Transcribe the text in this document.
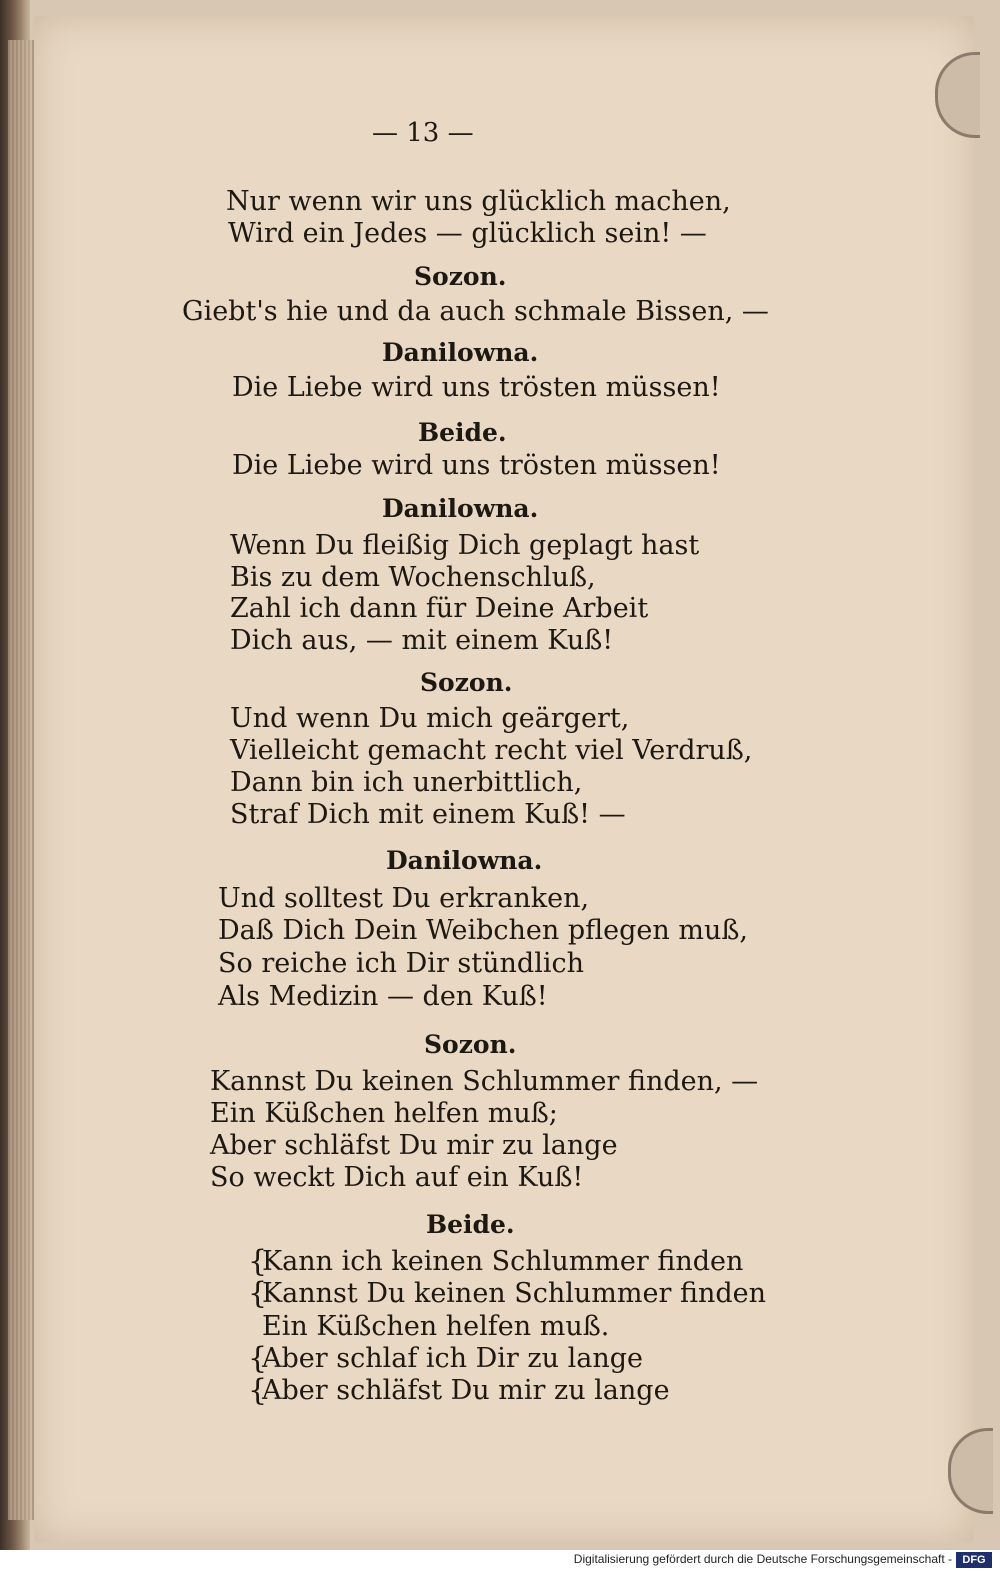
— 13 —
Nur wenn wir uns glücklich machen,
Wird ein Jedes — glücklich sein! —
Sozon.
Giebt's hie und da auch schmale Bissen, —
Danilowna.
Die Liebe wird uns trösten müssen!
Beide.
Die Liebe wird uns trösten müssen!
Danilowna.
Wenn Du fleißig Dich geplagt hast
Bis zu dem Wochenschluß,
Zahl ich dann für Deine Arbeit
Dich aus, — mit einem Kuß!
Sozon.
Und wenn Du mich geärgert,
Vielleicht gemacht recht viel Verdruß,
Dann bin ich unerbittlich,
Straf Dich mit einem Kuß! —
Danilowna.
Und solltest Du erkranken,
Daß Dich Dein Weibchen pflegen muß,
So reiche ich Dir stündlich
Als Medizin — den Kuß!
Sozon.
Kannst Du keinen Schlummer finden, —
Ein Küßchen helfen muß;
Aber schläfst Du mir zu lange
So weckt Dich auf ein Kuß!
Beide.
{
Kann ich keinen Schlummer finden
{
Kannst Du keinen Schlummer finden
Ein Küßchen helfen muß.
{
Aber schlaf ich Dir zu lange
{
Aber schläfst Du mir zu lange
Digitalisierung gefördert durch die Deutsche Forschungsgemeinschaft - DFG
